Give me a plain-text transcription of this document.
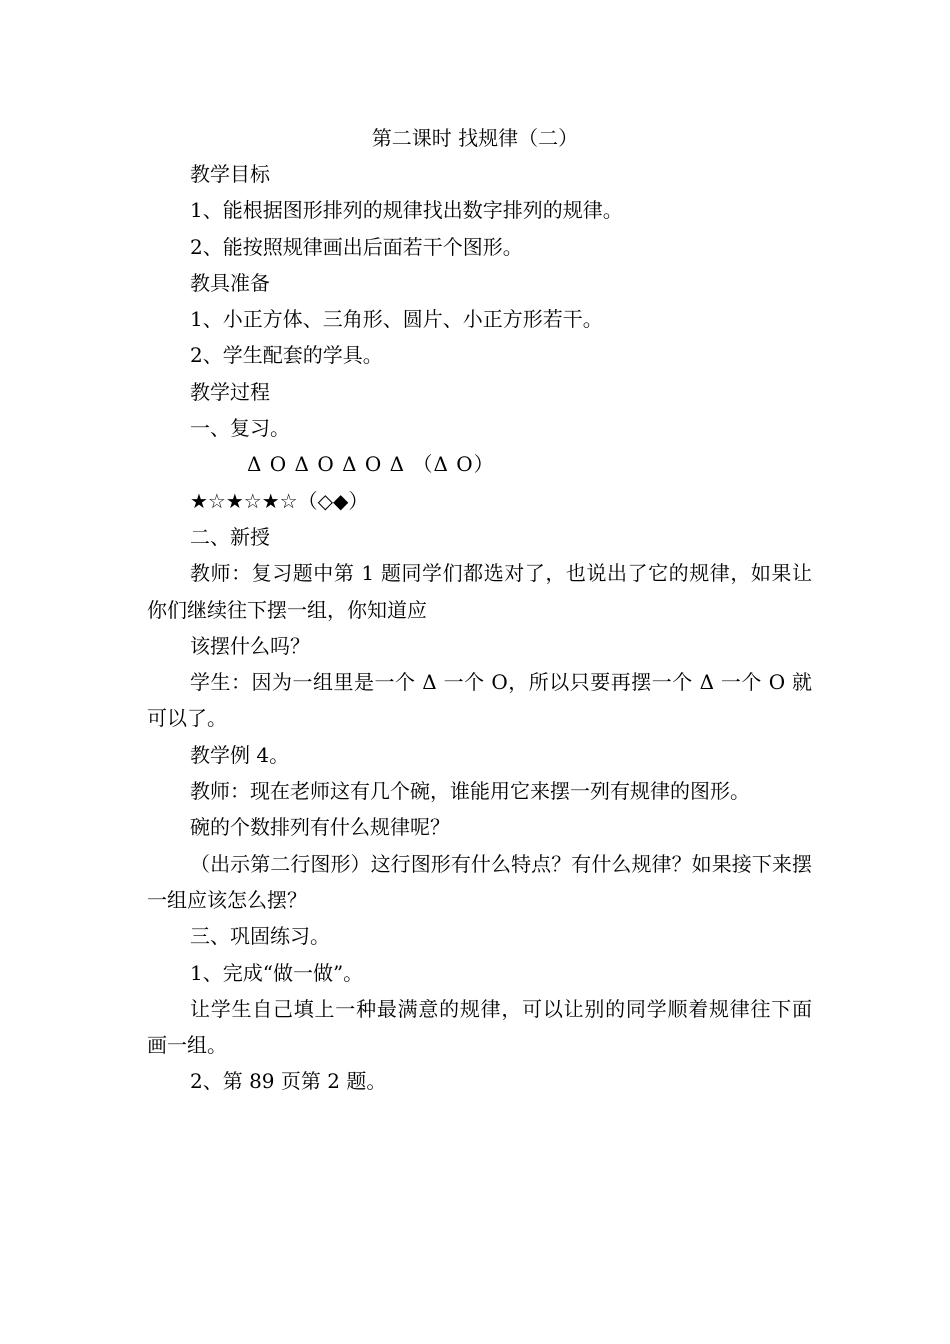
第二课时 找规律（二）

教学目标

1、能根据图形排列的规律找出数字排列的规律。

2、能按照规律画出后面若干个图形。

教具准备

1、小正方体、三角形、圆片、小正方形若干。

2、学生配套的学具。

教学过程

一、复习。

Δ O Δ O Δ O Δ （Δ O）

★☆★☆★☆（◇◆）

二、新授

教师：复习题中第 1 题同学们都选对了，也说出了它的规律，如果让你们继续往下摆一组，你知道应

该摆什么吗？

学生：因为一组里是一个 Δ 一个 O，所以只要再摆一个 Δ 一个 O 就可以了。

教学例 4。

教师：现在老师这有几个碗，谁能用它来摆一列有规律的图形。

碗的个数排列有什么规律呢？

（出示第二行图形）这行图形有什么特点？有什么规律？如果接下来摆一组应该怎么摆？

三、巩固练习。

1、完成“做一做”。

让学生自己填上一种最满意的规律，可以让别的同学顺着规律往下面 画一组。

2、第 89 页第 2 题。
